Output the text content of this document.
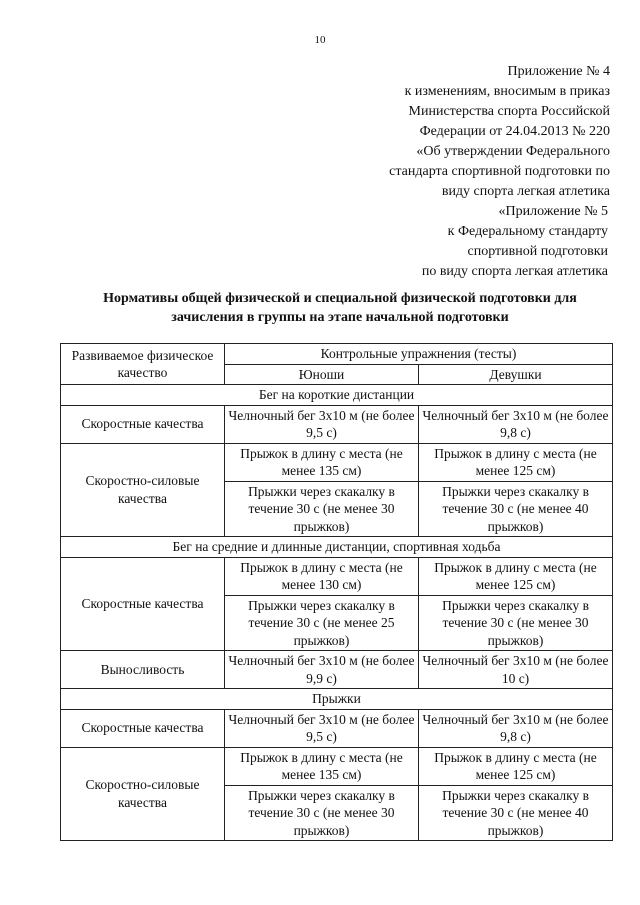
10
Приложение № 4
к изменениям, вносимым в приказ
Министерства спорта Российской
Федерации от 24.04.2013 № 220
«Об утверждении Федерального
стандарта спортивной подготовки по
виду спорта легкая атлетика
«Приложение № 5
к Федеральному стандарту
спортивной подготовки
по виду спорта легкая атлетика
Нормативы общей физической и специальной физической подготовки для
зачисления в группы на этапе начальной подготовки
Развиваемое физическое качество	Контрольные упражнения (тесты)	
	Юноши	Девушки
Бег на короткие дистанции		
Скоростные качества	Челночный бег 3х10 м (не более 9,5 с)	Челночный бег 3х10 м (не более 9,8 с)
Скоростно-силовые качества	Прыжок в длину с места (не менее 135 см)	Прыжок в длину с места (не менее 125 см)
	Прыжки через скакалку в течение 30 с (не менее 30 прыжков)	Прыжки через скакалку в течение 30 с (не менее 40 прыжков)
Бег на средние и длинные дистанции, спортивная ходьба		
Скоростные качества	Прыжок в длину с места (не менее 130 см)	Прыжок в длину с места (не менее 125 см)
	Прыжки через скакалку в течение 30 с (не менее 25 прыжков)	Прыжки через скакалку в течение 30 с (не менее 30 прыжков)
Выносливость	Челночный бег 3х10 м (не более 9,9 с)	Челночный бег 3х10 м (не более 10 с)
Прыжки		
Скоростные качества	Челночный бег 3х10 м (не более 9,5 с)	Челночный бег 3х10 м (не более 9,8 с)
Скоростно-силовые качества	Прыжок в длину с места (не менее 135 см)	Прыжок в длину с места (не менее 125 см)
	Прыжки через скакалку в течение 30 с (не менее 30 прыжков)	Прыжки через скакалку в течение 30 с (не менее 40 прыжков)
